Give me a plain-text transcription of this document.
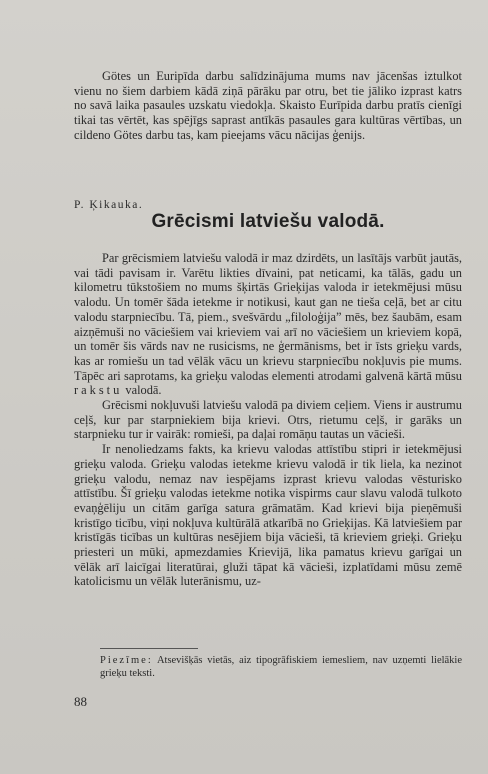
Götes un Euripīda darbu salīdzinājuma mums nav jācenšas iztulkot vienu no šiem darbiem kādā ziņā pārāku par otru, bet tie jāliko izprast katrs no savā laika pasaules uzskatu viedokļa. Skaisto Eurīpida darbu pratīs cienīgi tikai tas vērtēt, kas spējīgs saprast antīkās pasaules gara kultūras vērtības, un cildeno Götes darbu tas, kam pieejams vācu nācijas ģenijs.

P. Ķikauka.
Grēcismi latviešu valodā.

Par grēcismiem latviešu valodā ir maz dzirdēts, un lasītājs varbūt jautās, vai tādi pavisam ir. Varētu likties dīvaini, pat neticami, ka tālās, gadu un kilometru tūkstošiem no mums šķirtās Grieķijas valoda ir ietekmējusi mūsu valodu. Un tomēr šāda ietekme ir notikusi, kaut gan ne tieša ceļā, bet ar citu valodu starpniecību. Tā, piem., svešvārdu „filoloģija” mēs, bez šaubām, esam aizņēmuši no vāciešiem vai krieviem vai arī no vāciešiem un krieviem kopā, un tomēr šis vārds nav ne rusicisms, ne ģermānisms, bet ir īsts grieķu vards, kas ar romiešu un tad vēlāk vācu un krievu starpniecību nokļuvis pie mums. Tāpēc ari saprotams, ka grieķu valodas elementi atrodami galvenā kārtā mūsu rakstu valodā.

Grēcismi nokļuvuši latviešu valodā pa diviem ceļiem. Viens ir austrumu ceļš, kur par starpniekiem bija krievi. Otrs, rietumu ceļš, ir garāks un starpnieku tur ir vairāk: romieši, pa daļai romāņu tautas un vācieši.

Ir nenoliedzams fakts, ka krievu valodas attīstību stipri ir ietekmējusi grieķu valoda. Grieķu valodas ietekme krievu valodā ir tik liela, ka nezinot grieķu valodu, nemaz nav iespējams izprast krievu valodas vēsturisko attīstību. Šī grieķu valodas ietekme notika vispirms caur slavu valodā tulkoto evaņģēliju un citām garīga satura grāmatām. Kad krievi bija pieņēmuši kristīgo ticību, viņi nokļuva kultūrālā atkarībā no Grieķijas. Kā latviešiem par kristīgās ticības un kultūras nesējiem bija vācieši, tā krieviem grieķi. Grieķu priesteri un mūki, apmezdamies Krievijā, lika pamatus krievu garīgai un vēlāk arī laicīgai literatūrai, gluži tāpat kā vācieši, izplatīdami mūsu zemē katolicismu un vēlāk luterānismu, uz-

Piezīme: Atsevišķās vietās, aiz tipogrāfiskiem iemesliem, nav uzņemti lielākie grieķu teksti.
88
